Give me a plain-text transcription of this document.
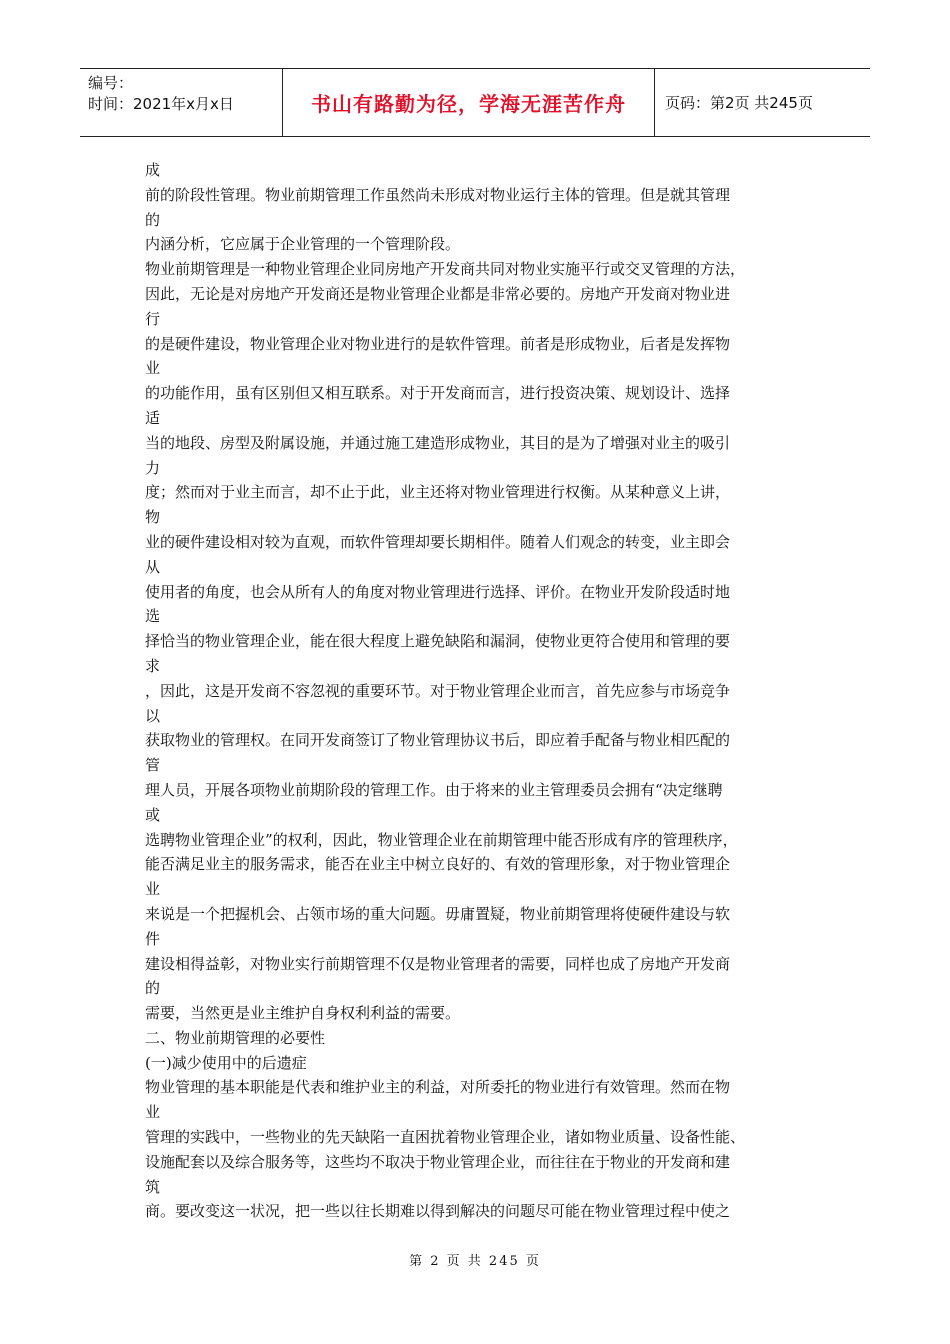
编号：
时间：2021年x月x日	书山有路勤为径，学海无涯苦作舟	页码：第2页 共245页
成
前的阶段性管理。物业前期管理工作虽然尚未形成对物业运行主体的管理。但是就其管理
的
内涵分析，它应属于企业管理的一个管理阶段。
物业前期管理是一种物业管理企业同房地产开发商共同对物业实施平行或交叉管理的方法，
因此，无论是对房地产开发商还是物业管理企业都是非常必要的。房地产开发商对物业进
行
的是硬件建设，物业管理企业对物业进行的是软件管理。前者是形成物业，后者是发挥物
业
的功能作用，虽有区别但又相互联系。对于开发商而言，进行投资决策、规划设计、选择
适
当的地段、房型及附属设施，并通过施工建造形成物业，其目的是为了增强对业主的吸引
力
度；然而对于业主而言，却不止于此，业主还将对物业管理进行权衡。从某种意义上讲，
物
业的硬件建设相对较为直观，而软件管理却要长期相伴。随着人们观念的转变，业主即会
从
使用者的角度，也会从所有人的角度对物业管理进行选择、评价。在物业开发阶段适时地
选
择恰当的物业管理企业，能在很大程度上避免缺陷和漏洞，使物业更符合使用和管理的要
求
，因此，这是开发商不容忽视的重要环节。对于物业管理企业而言，首先应参与市场竞争
以
获取物业的管理权。在同开发商签订了物业管理协议书后，即应着手配备与物业相匹配的
管
理人员，开展各项物业前期阶段的管理工作。由于将来的业主管理委员会拥有“决定继聘
或
选聘物业管理企业”的权利，因此，物业管理企业在前期管理中能否形成有序的管理秩序，
能否满足业主的服务需求，能否在业主中树立良好的、有效的管理形象，对于物业管理企
业
来说是一个把握机会、占领市场的重大问题。毋庸置疑，物业前期管理将使硬件建设与软
件
建设相得益彰，对物业实行前期管理不仅是物业管理者的需要，同样也成了房地产开发商
的
需要，当然更是业主维护自身权利利益的需要。
二、物业前期管理的必要性
(一)减少使用中的后遗症
物业管理的基本职能是代表和维护业主的利益，对所委托的物业进行有效管理。然而在物
业
管理的实践中，一些物业的先天缺陷一直困扰着物业管理企业，诸如物业质量、设备性能、
设施配套以及综合服务等，这些均不取决于物业管理企业，而往往在于物业的开发商和建
筑
商。要改变这一状况，把一些以往长期难以得到解决的问题尽可能在物业管理过程中使之
第 2 页 共 245 页
